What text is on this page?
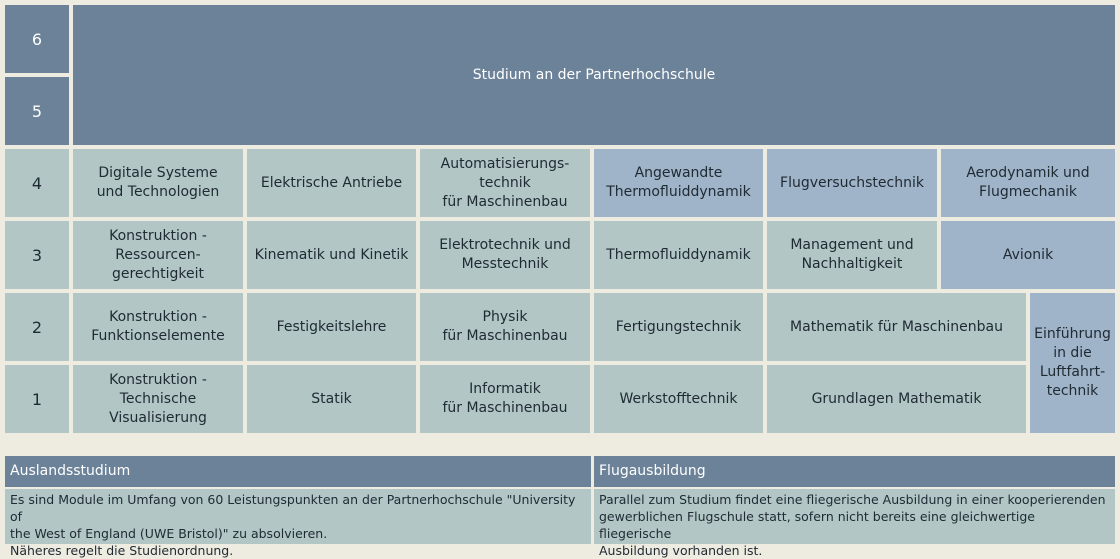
6
5
4
3
2
1
Studium an der Partnerhochschule
Digitale Systeme
und Technologien
Elektrische Antriebe
Automatisierungs-
technik
für Maschinenbau
Angewandte
Thermofluiddynamik
Flugversuchstechnik
Aerodynamik und
Flugmechanik
Konstruktion -
Ressourcen-
gerechtigkeit
Kinematik und Kinetik
Elektrotechnik und
Messtechnik
Thermofluiddynamik
Management und
Nachhaltigkeit
Avionik
Konstruktion -
Funktionselemente
Festigkeitslehre
Physik
für Maschinenbau
Fertigungstechnik	Mathematik für Maschinenbau
Konstruktion -
Technische
Visualisierung
Statik
Informatik
für Maschinenbau
Werkstofftechnik	Grundlagen Mathematik
Einführung
in die
Luftfahrt-
technik
Auslandsstudium
Es sind Module im Umfang von 60 Leistungspunkten an der Partnerhochschule "University of
the West of England (UWE Bristol)" zu absolvieren.
Näheres regelt die Studienordnung.
Flugausbildung
Parallel zum Studium findet eine fliegerische Ausbildung in einer kooperierenden
gewerblichen Flugschule statt, sofern nicht bereits eine gleichwertige fliegerische
Ausbildung vorhanden ist.
